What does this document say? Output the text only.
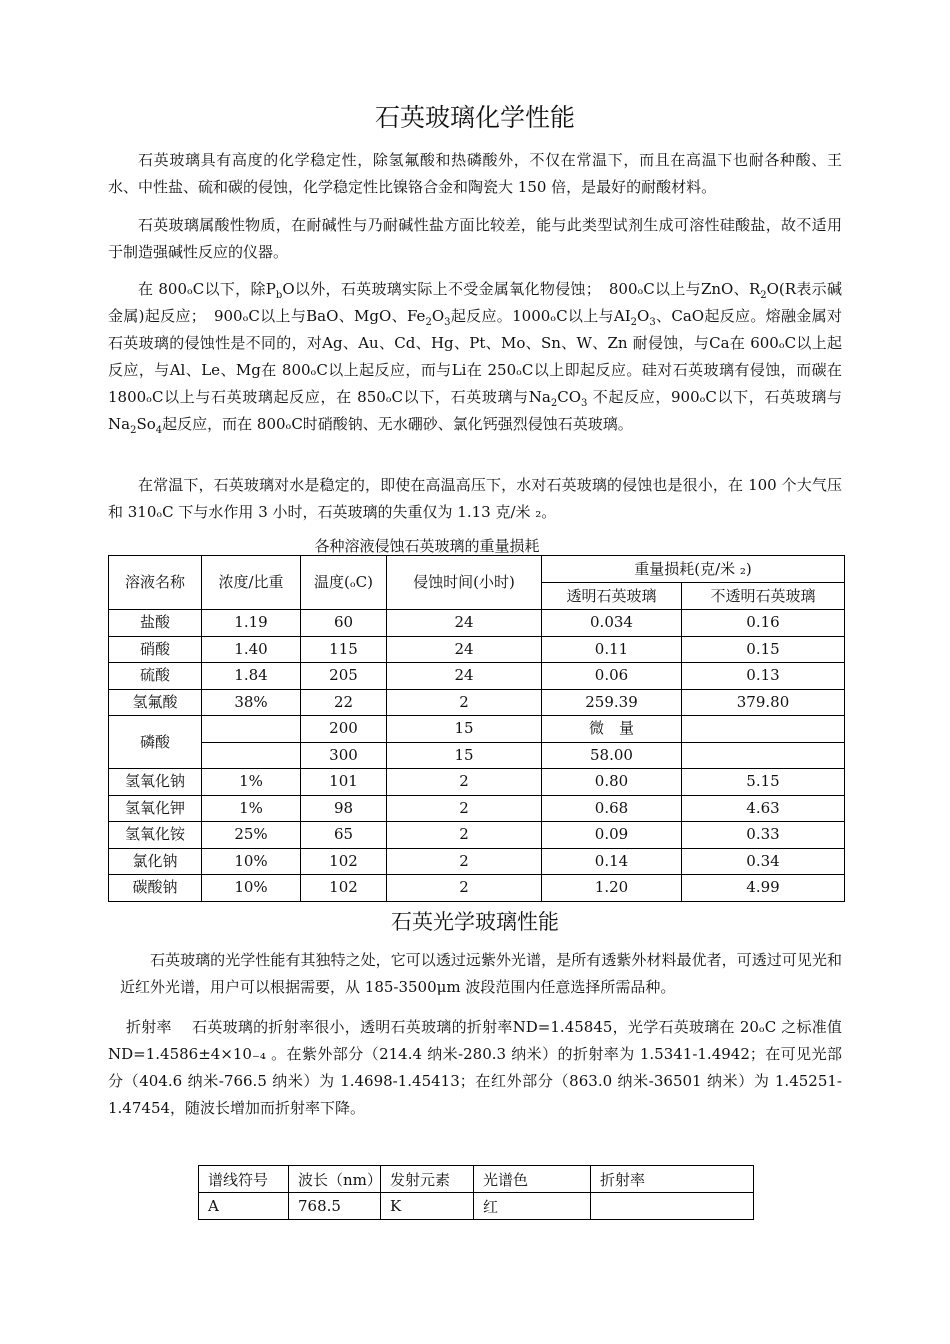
石英玻璃化学性能
石英玻璃具有高度的化学稳定性，除氢氟酸和热磷酸外，不仅在常温下，而且在高温下也耐各种酸、王水、中性盐、硫和碳的侵蚀，化学稳定性比镍铬合金和陶瓷大 150 倍，是最好的耐酸材料。
石英玻璃属酸性物质，在耐碱性与乃耐碱性盐方面比较差，能与此类型试剂生成可溶性硅酸盐，故不适用于制造强碱性反应的仪器。
在 800ₒC以下，除$P_bO$以外，石英玻璃实际上不受金属氧化物侵蚀；　800ₒC以上与ZnO、$R_2O(R$表示碱金属)起反应；　900ₒC以上与BaO、MgO、$Fe_2O_3$起反应。1000ₒC以上与$AI_2O_3$、CaO起反应。熔融金属对石英玻璃的侵蚀性是不同的，对Ag、Au、Cd、Hg、Pt、Mo、Sn、W、Zn 耐侵蚀，与Ca在 600ₒC以上起反应，与Al、Le、Mg在 800ₒC以上起反应，而与Li在 250ₒC以上即起反应。硅对石英玻璃有侵蚀，而碳在 1800ₒC以上与石英玻璃起反应，在 850ₒC以下，石英玻璃与$Na_2CO_3$ 不起反应，900ₒC以下，石英玻璃与$Na_2So_4$起反应，而在 800ₒC时硝酸钠、无水硼砂、氯化钙强烈侵蚀石英玻璃。
在常温下，石英玻璃对水是稳定的，即使在高温高压下，水对石英玻璃的侵蚀也是很小，在 100 个大气压和 310ₒC 下与水作用 3 小时，石英玻璃的失重仅为 1.13 克/米 ₂。
各种溶液侵蚀石英玻璃的重量损耗
溶液名称	浓度/比重	温度(ₒC)	侵蚀时间(小时)	重量损耗(克/米 ₂)	
				透明石英玻璃	不透明石英玻璃
盐酸	1.19	60	24	0.034	0.16
硝酸	1.40	115	24	0.11	0.15
硫酸	1.84	205	24	0.06	0.13
氢氟酸	38%	22	2	259.39	379.80
磷酸		200	15	微　量	
		300	15	58.00	
氢氧化钠	1%	101	2	0.80	5.15
氢氧化钾	1%	98	2	0.68	4.63
氢氧化铵	25%	65	2	0.09	0.33
氯化钠	10%	102	2	0.14	0.34
碳酸钠	10%	102	2	1.20	4.99
石英光学玻璃性能
石英玻璃的光学性能有其独特之处，它可以透过远紫外光谱，是所有透紫外材料最优者，可透过可见光和近红外光谱，用户可以根据需要，从 185-3500μm 波段范围内任意选择所需品种。
折射率　 石英玻璃的折射率很小，透明石英玻璃的折射率ND=1.45845，光学石英玻璃在 20ₒC 之标准值ND=1.4586±4×10₋₄ 。在紫外部分（214.4 纳米-280.3 纳米）的折射率为 1.5341-1.4942；在可见光部分（404.6 纳米-766.5 纳米）为 1.4698-1.45413；在红外部分（863.0 纳米-36501 纳米）为 1.45251-1.47454，随波长增加而折射率下降。
谱线符号	波长（nm）	发射元素	光谱色	折射率
A	768.5	K	红	
